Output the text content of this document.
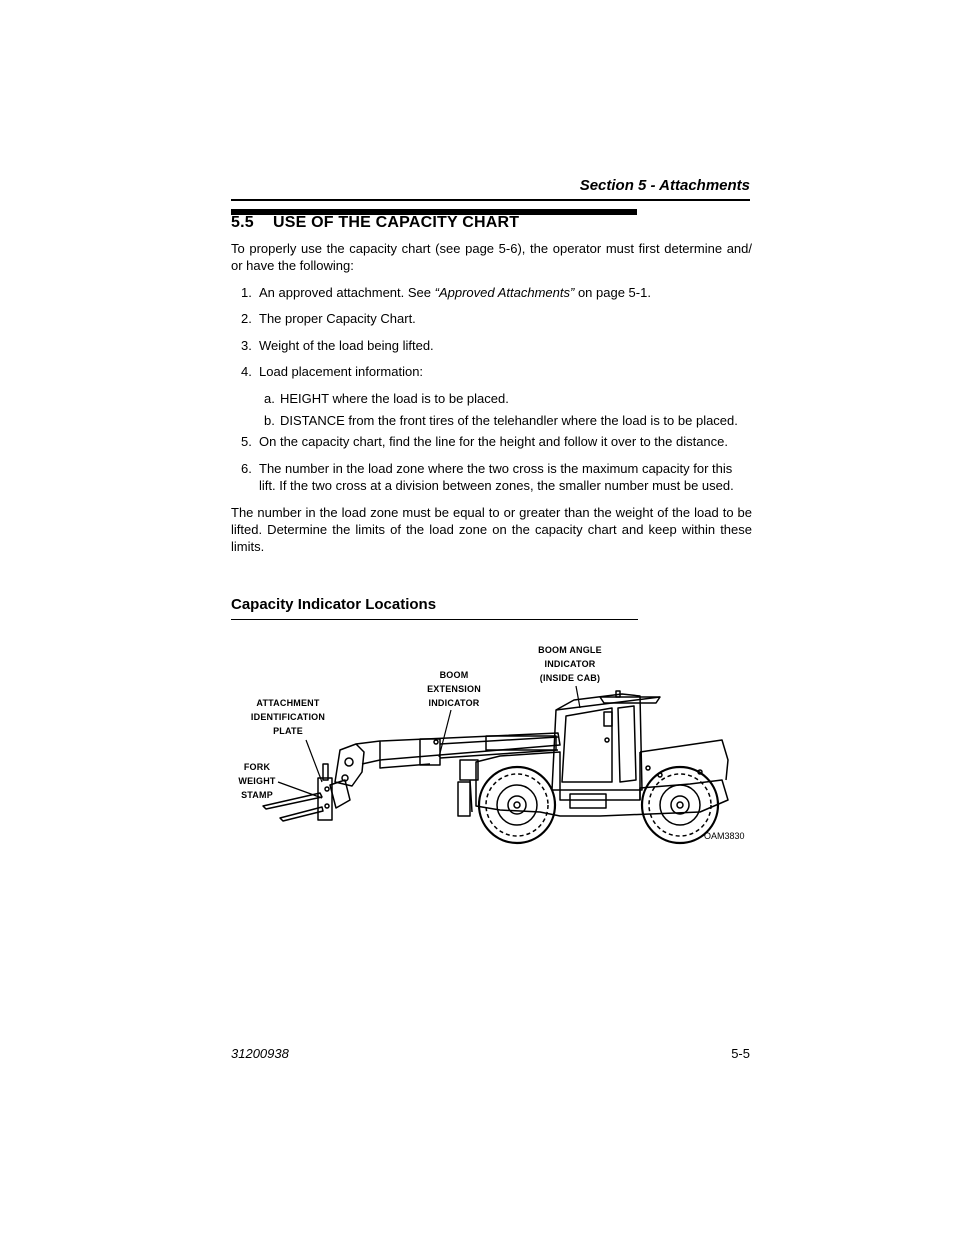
Section 5 - Attachments
5.5 USE OF THE CAPACITY CHART
To properly use the capacity chart (see page 5-6), the operator must first determine and/ or have the following:
1. An approved attachment. See “Approved Attachments” on page 5-1.
2. The proper Capacity Chart.
3. Weight of the load being lifted.
4. Load placement information:
a. HEIGHT where the load is to be placed.
b. DISTANCE from the front tires of the telehandler where the load is to be placed.
5. On the capacity chart, find the line for the height and follow it over to the distance.
6. The number in the load zone where the two cross is the maximum capacity for this lift. If the two cross at a division between zones, the smaller number must be used.
The number in the load zone must be equal to or greater than the weight of the load to be lifted. Determine the limits of the load zone on the capacity chart and keep within these limits.
Capacity Indicator Locations
BOOM ANGLE
INDICATOR
(INSIDE CAB)
BOOM
EXTENSION
INDICATOR
ATTACHMENT
IDENTIFICATION
PLATE
FORK
WEIGHT
STAMP
OAM3830
31200938	5-5
